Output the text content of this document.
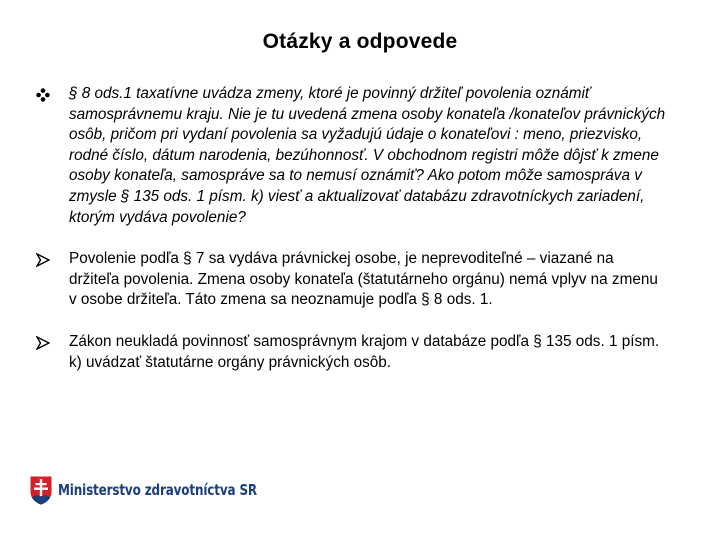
Otázky a odpovede
§ 8 ods.1 taxatívne uvádza zmeny, ktoré je povinný držiteľ povolenia oznámiť samosprávnemu kraju. Nie je tu uvedená zmena osoby konateľa /konateľov právnických osôb, pričom pri vydaní povolenia sa vyžadujú údaje o konateľovi : meno, priezvisko, rodné číslo, dátum narodenia, bezúhonnosť. V obchodnom registri môže dôjsť k zmene osoby konateľa, samospráve sa to nemusí oznámiť? Ako potom môže samospráva v zmysle § 135 ods. 1 písm. k) viesť a aktualizovať databázu zdravotníckych zariadení, ktorým vydáva povolenie?
Povolenie podľa § 7 sa vydáva právnickej osobe, je neprevoditeľné – viazané na držiteľa povolenia. Zmena osoby konateľa (štatutárneho orgánu) nemá vplyv na zmenu v osobe držiteľa. Táto zmena sa neoznamuje podľa § 8 ods. 1.
Zákon neukladá povinnosť samosprávnym krajom v databáze podľa § 135 ods. 1 písm. k) uvádzať štatutárne orgány právnických osôb.
Ministerstvo zdravotníctva SR
